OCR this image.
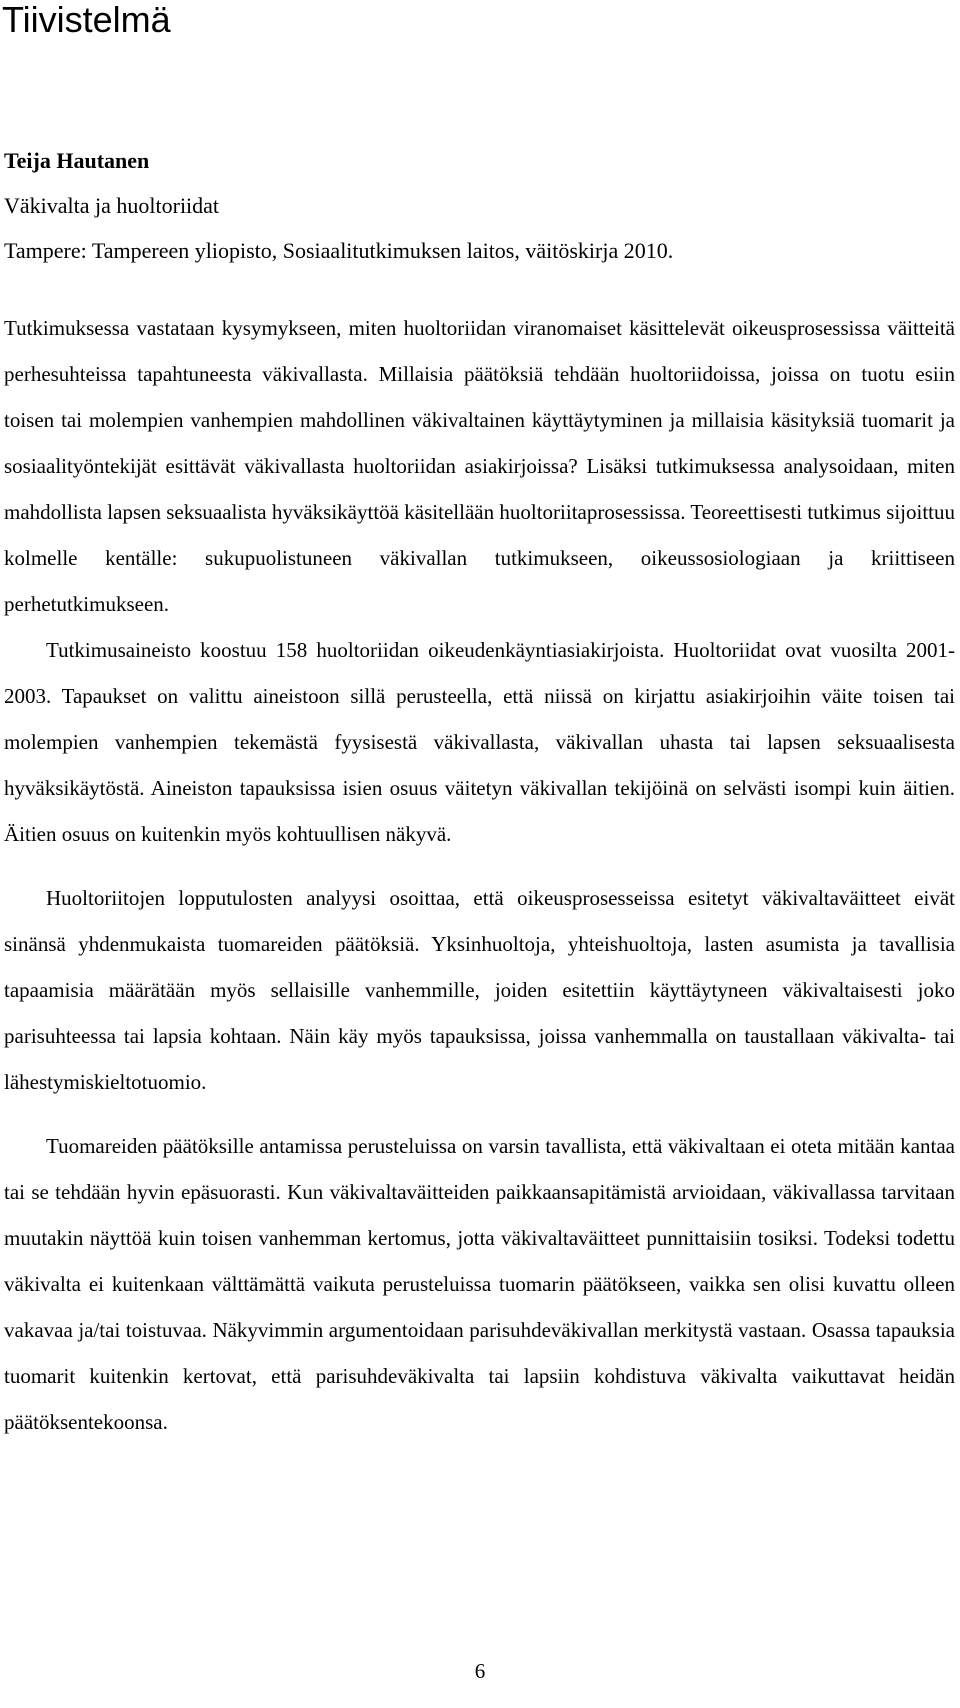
Tiivistelmä
Teija Hautanen
Väkivalta ja huoltoriidat
Tampere: Tampereen yliopisto, Sosiaalitutkimuksen laitos, väitöskirja 2010.

Tutkimuksessa vastataan kysymykseen, miten huoltoriidan viranomaiset käsittelevät oikeusprosessissa väitteitä perhesuhteissa tapahtuneesta väkivallasta. Millaisia päätöksiä tehdään huoltoriidoissa, joissa on tuotu esiin toisen tai molempien vanhempien mahdollinen väkivaltainen käyttäytyminen ja millaisia käsityksiä tuomarit ja sosiaalityöntekijät esittävät väkivallasta huoltoriidan asiakirjoissa? Lisäksi tutkimuksessa analysoidaan, miten mahdollista lapsen seksuaalista hyväksikäyttöä käsitellään huoltoriitaprosessissa. Teoreettisesti tutkimus sijoittuu kolmelle kentälle: sukupuolistuneen väkivallan tutkimukseen, oikeussosiologiaan ja kriittiseen perhetutkimukseen.

Tutkimusaineisto koostuu 158 huoltoriidan oikeudenkäyntiasiakirjoista. Huoltoriidat ovat vuosilta 2001-2003. Tapaukset on valittu aineistoon sillä perusteella, että niissä on kirjattu asiakirjoihin väite toisen tai molempien vanhempien tekemästä fyysisestä väkivallasta, väkivallan uhasta tai lapsen seksuaalisesta hyväksikäytöstä. Aineiston tapauksissa isien osuus väitetyn väkivallan tekijöinä on selvästi isompi kuin äitien. Äitien osuus on kuitenkin myös kohtuullisen näkyvä.

Huoltoriitojen lopputulosten analyysi osoittaa, että oikeusprosesseissa esitetyt väkivaltaväitteet eivät sinänsä yhdenmukaista tuomareiden päätöksiä. Yksinhuoltoja, yhteishuoltoja, lasten asumista ja tavallisia tapaamisia määrätään myös sellaisille vanhemmille, joiden esitettiin käyttäytyneen väkivaltaisesti joko parisuhteessa tai lapsia kohtaan. Näin käy myös tapauksissa, joissa vanhemmalla on taustallaan väkivalta- tai lähestymiskieltotuomio.

Tuomareiden päätöksille antamissa perusteluissa on varsin tavallista, että väkivaltaan ei oteta mitään kantaa tai se tehdään hyvin epäsuorasti. Kun väkivaltaväitteiden paikkaansapitämistä arvioidaan, väkivallassa tarvitaan muutakin näyttöä kuin toisen vanhemman kertomus, jotta väkivaltaväitteet punnittaisiin tosiksi. Todeksi todettu väkivalta ei kuitenkaan välttämättä vaikuta perusteluissa tuomarin päätökseen, vaikka sen olisi kuvattu olleen vakavaa ja/tai toistuvaa. Näkyvimmin argumentoidaan parisuhdeväkivallan merkitystä vastaan. Osassa tapauksia tuomarit kuitenkin kertovat, että parisuhdeväkivalta tai lapsiin kohdistuva väkivalta vaikuttavat heidän päätöksentekoonsa.

6
